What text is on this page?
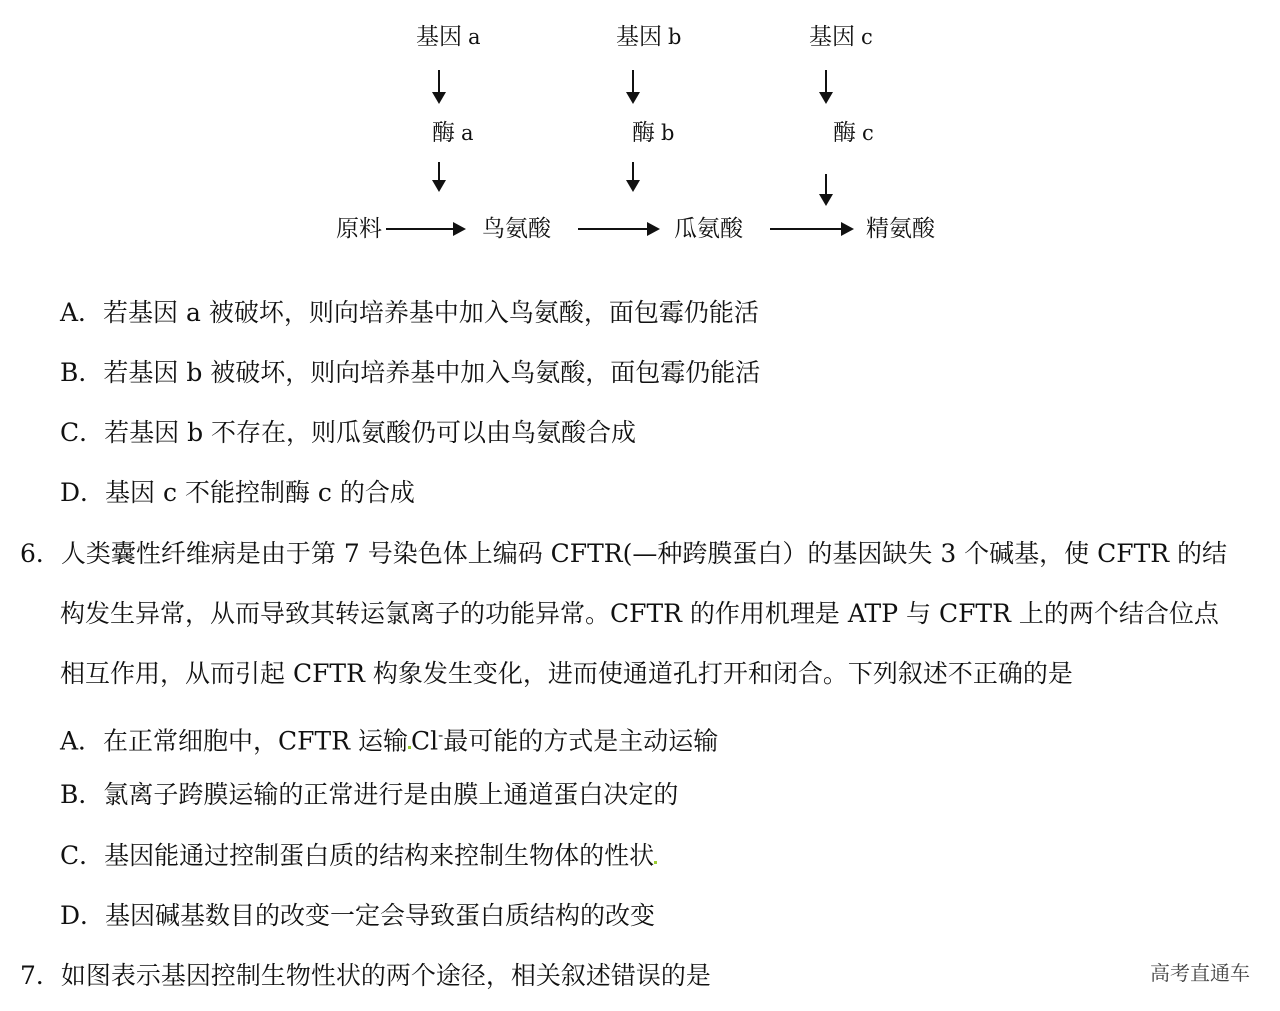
基因 a	基因 b	基因 c
酶 a	酶 b	酶 c
原料	鸟氨酸	瓜氨酸	精氨酸
A．若基因 a 被破坏，则向培养基中加入鸟氨酸，面包霉仍能活
B．若基因 b 被破坏，则向培养基中加入鸟氨酸，面包霉仍能活
C．若基因 b 不存在，则瓜氨酸仍可以由鸟氨酸合成
D．基因 c 不能控制酶 c 的合成
6．人类囊性纤维病是由于第 7 号染色体上编码 CFTR(—种跨膜蛋白）的基因缺失 3 个碱基，使 CFTR 的结
构发生异常，从而导致其转运氯离子的功能异常。CFTR 的作用机理是 ATP 与 CFTR 上的两个结合位点
相互作用，从而引起 CFTR 构象发生变化，进而使通道孔打开和闭合。下列叙述不正确的是
A．在正常细胞中，CFTR 运输 Cl-最可能的方式是主动运输
B．氯离子跨膜运输的正常进行是由膜上通道蛋白决定的
C．基因能通过控制蛋白质的结构来控制生物体的性状
D．基因碱基数目的改变一定会导致蛋白质结构的改变
7．如图表示基因控制生物性状的两个途径，相关叙述错误的是	高考直通车
